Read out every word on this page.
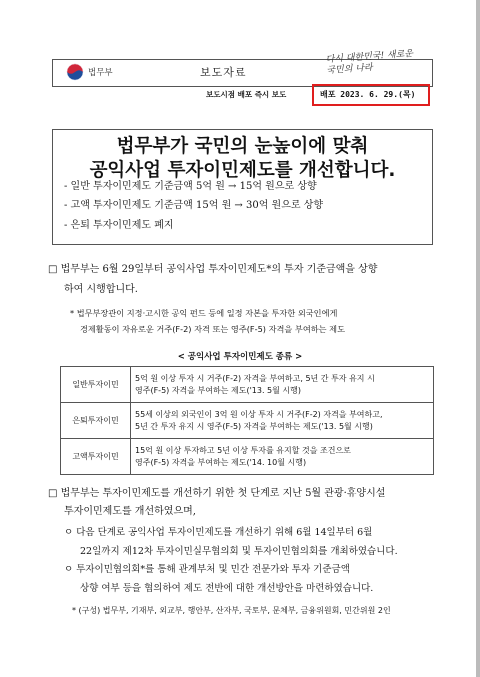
법무부	보도자료
다시 대한민국! 새로운 국민의 나라
보도시점 배포 즉시 보도	배포 2023. 6. 29.(목)
법무부가 국민의 눈높이에 맞춰
공익사업 투자이민제도를 개선합니다.
- 일반 투자이민제도 기준금액 5억 원 → 15억 원으로 상향
- 고액 투자이민제도 기준금액 15억 원 → 30억 원으로 상향
- 은퇴 투자이민제도 폐지
□ 법무부는 6월 29일부터 공익사업 투자이민제도*의 투자 기준금액을 상향
하여 시행합니다.
* 법무부장관이 지정·고시한 공익 펀드 등에 일정 자본을 투자한 외국인에게
경제활동이 자유로운 거주(F-2) 자격 또는 영주(F-5) 자격을 부여하는 제도
< 공익사업 투자이민제도 종류 >
일반투자이민	5억 원 이상 투자 시 거주(F-2) 자격을 부여하고, 5년 간 투자 유지 시
영주(F-5) 자격을 부여하는 제도('13. 5월 시행)

은퇴투자이민	55세 이상의 외국인이 3억 원 이상 투자 시 거주(F-2) 자격을 부여하고,
5년 간 투자 유지 시 영주(F-5) 자격을 부여하는 제도('13. 5월 시행)

고액투자이민	15억 원 이상 투자하고 5년 이상 투자를 유지할 것을 조건으로
영주(F-5) 자격을 부여하는 제도('14. 10월 시행)
□ 법무부는 투자이민제도를 개선하기 위한 첫 단계로 지난 5월 관광·휴양시설
투자이민제도를 개선하였으며,
ㅇ 다음 단계로 공익사업 투자이민제도를 개선하기 위해 6월 14일부터 6월
22일까지 제12차 투자이민실무협의회 및 투자이민협의회를 개최하였습니다.
ㅇ 투자이민협의회*를 통해 관계부처 및 민간 전문가와 투자 기준금액
상향 여부 등을 협의하여 제도 전반에 대한 개선방안을 마련하였습니다.
* (구성) 법무부, 기재부, 외교부, 행안부, 산자부, 국토부, 문체부, 금융위원회, 민간위원 2인
